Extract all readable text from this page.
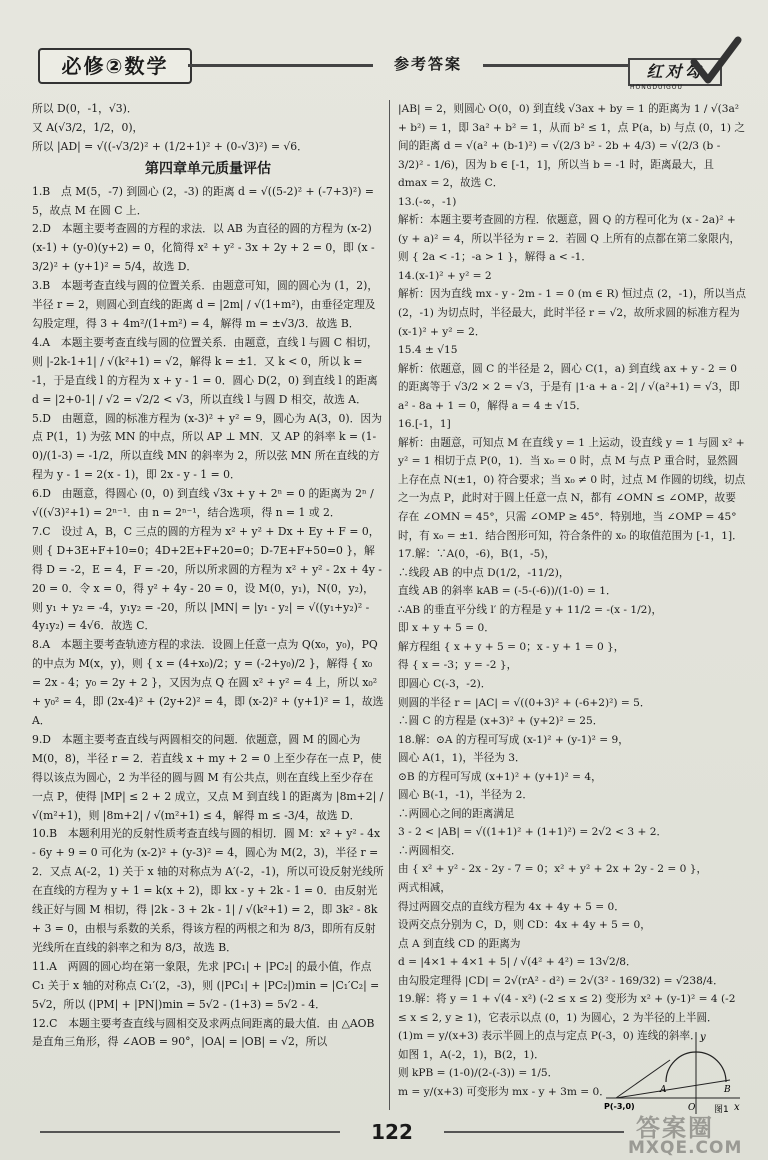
必修②数学	参考答案	红对勾
HONGDUIGOU

所以 D(0，-1，√3)．

又 A(√3/2，1/2，0)，

所以 |AD| = √((-√3/2)² + (1/2+1)² + (0-√3)²) = √6．

第四章单元质量评估

1.B　点 M(5，-7) 到圆心 (2，-3) 的距离 d = √((5-2)² + (-7+3)²) = 5，故点 M 在圆 C 上．

2.D　本题主要考查圆的方程的求法．以 AB 为直径的圆的方程为 (x-2)(x-1) + (y-0)(y+2) = 0，化简得 x² + y² - 3x + 2y + 2 = 0，即 (x - 3/2)² + (y+1)² = 5/4，故选 D．

3.B　本题考查直线与圆的位置关系．由题意可知，圆的圆心为 (1，2)，半径 r = 2，则圆心到直线的距离 d = |2m| / √(1+m²)，由垂径定理及勾股定理，得 3 + 4m²/(1+m²) = 4，解得 m = ±√3/3．故选 B．

4.A　本题主要考查直线与圆的位置关系．由题意，直线 l 与圆 C 相切，则 |-2k-1+1| / √(k²+1) = √2，解得 k = ±1．又 k < 0，所以 k = -1，于是直线 l 的方程为 x + y - 1 = 0．圆心 D(2，0) 到直线 l 的距离 d = |2+0-1| / √2 = √2/2 < √3，所以直线 l 与圆 D 相交，故选 A．

5.D　由题意，圆的标准方程为 (x-3)² + y² = 9，圆心为 A(3，0)．因为点 P(1，1) 为弦 MN 的中点，所以 AP ⊥ MN．又 AP 的斜率 k = (1-0)/(1-3) = -1/2，所以直线 MN 的斜率为 2，所以弦 MN 所在直线的方程为 y - 1 = 2(x - 1)，即 2x - y - 1 = 0．

6.D　由题意，得圆心 (0，0) 到直线 √3x + y + 2ⁿ = 0 的距离为 2ⁿ / √((√3)²+1) = 2ⁿ⁻¹．由 n = 2ⁿ⁻¹，结合选项，得 n = 1 或 2．

7.C　设过 A，B，C 三点的圆的方程为 x² + y² + Dx + Ey + F = 0，则 { D+3E+F+10=0；4D+2E+F+20=0；D-7E+F+50=0 }，解得 D = -2，E = 4，F = -20，所以所求圆的方程为 x² + y² - 2x + 4y - 20 = 0．令 x = 0，得 y² + 4y - 20 = 0，设 M(0，y₁)，N(0，y₂)，则 y₁ + y₂ = -4，y₁y₂ = -20，所以 |MN| = |y₁ - y₂| = √((y₁+y₂)² - 4y₁y₂) = 4√6．故选 C．

8.A　本题主要考查轨迹方程的求法．设圆上任意一点为 Q(x₀，y₀)，PQ 的中点为 M(x，y)，则 { x = (4+x₀)/2；y = (-2+y₀)/2 }，解得 { x₀ = 2x - 4；y₀ = 2y + 2 }，又因为点 Q 在圆 x² + y² = 4 上，所以 x₀² + y₀² = 4，即 (2x-4)² + (2y+2)² = 4，即 (x-2)² + (y+1)² = 1，故选 A．

9.D　本题主要考查直线与两圆相交的问题．依题意，圆 M 的圆心为 M(0，8)，半径 r = 2．若直线 x + my + 2 = 0 上至少存在一点 P，使得以该点为圆心，2 为半径的圆与圆 M 有公共点，则在直线上至少存在一点 P，使得 |MP| ≤ 2 + 2 成立，又点 M 到直线 l 的距离为 |8m+2| / √(m²+1)，则 |8m+2| / √(m²+1) ≤ 4，解得 m ≤ -3/4，故选 D．

10.B　本题利用光的反射性质考查直线与圆的相切．圆 M：x² + y² - 4x - 6y + 9 = 0 可化为 (x-2)² + (y-3)² = 4，圆心为 M(2，3)，半径 r = 2．又点 A(-2，1) 关于 x 轴的对称点为 A′(-2，-1)，所以可设反射光线所在直线的方程为 y + 1 = k(x + 2)，即 kx - y + 2k - 1 = 0．由反射光线正好与圆 M 相切，得 |2k - 3 + 2k - 1| / √(k²+1) = 2，即 3k² - 8k + 3 = 0，由根与系数的关系，得该方程的两根之和为 8/3，即所有反射光线所在直线的斜率之和为 8/3，故选 B．

11.A　两圆的圆心均在第一象限，先求 |PC₁| + |PC₂| 的最小值，作点 C₁ 关于 x 轴的对称点 C₁′(2，-3)，则 (|PC₁| + |PC₂|)min = |C₁′C₂| = 5√2，所以 (|PM| + |PN|)min = 5√2 - (1+3) = 5√2 - 4．

12.C　本题主要考查直线与圆相交及求两点间距离的最大值．由 △AOB 是直角三角形，得 ∠AOB = 90°，|OA| = |OB| = √2，所以

|AB| = 2，则圆心 O(0，0) 到直线 √3ax + by = 1 的距离为 1 / √(3a² + b²) = 1，即 3a² + b² = 1，从而 b² ≤ 1，点 P(a，b) 与点 (0，1) 之间的距离 d = √(a² + (b-1)²) = √(2/3 b² - 2b + 4/3) = √(2/3 (b - 3/2)² - 1/6)，因为 b ∈ [-1，1]，所以当 b = -1 时，距离最大，且 dmax = 2，故选 C．

13.(-∞，-1)

解析：本题主要考查圆的方程．依题意，圆 Q 的方程可化为 (x - 2a)² + (y + a)² = 4，所以半径为 r = 2．若圆 Q 上所有的点都在第二象限内，则 { 2a < -1；-a > 1 }，解得 a < -1．

14.(x-1)² + y² = 2

解析：因为直线 mx - y - 2m - 1 = 0 (m ∈ R) 恒过点 (2，-1)，所以当点 (2，-1) 为切点时，半径最大，此时半径 r = √2，故所求圆的标准方程为 (x-1)² + y² = 2．

15.4 ± √15

解析：依题意，圆 C 的半径是 2，圆心 C(1，a) 到直线 ax + y - 2 = 0 的距离等于 √3/2 × 2 = √3，于是有 |1·a + a - 2| / √(a²+1) = √3，即 a² - 8a + 1 = 0，解得 a = 4 ± √15．

16.[-1，1]

解析：由题意，可知点 M 在直线 y = 1 上运动，设直线 y = 1 与圆 x² + y² = 1 相切于点 P(0，1)．当 x₀ = 0 时，点 M 与点 P 重合时，显然圆上存在点 N(±1，0) 符合要求；当 x₀ ≠ 0 时，过点 M 作圆的切线，切点之一为点 P，此时对于圆上任意一点 N，都有 ∠OMN ≤ ∠OMP，故要存在 ∠OMN = 45°，只需 ∠OMP ≥ 45°．特别地，当 ∠OMP = 45° 时，有 x₀ = ±1．结合图形可知，符合条件的 x₀ 的取值范围为 [-1，1]．

17.解：∵A(0，-6)，B(1，-5)，

∴线段 AB 的中点 D(1/2，-11/2)，

直线 AB 的斜率 kAB = (-5-(-6))/(1-0) = 1．

∴AB 的垂直平分线 l′ 的方程是 y + 11/2 = -(x - 1/2)，

即 x + y + 5 = 0．

解方程组 { x + y + 5 = 0；x - y + 1 = 0 }，

得 { x = -3；y = -2 }，

即圆心 C(-3，-2)．

则圆的半径 r = |AC| = √((0+3)² + (-6+2)²) = 5．

∴圆 C 的方程是 (x+3)² + (y+2)² = 25．

18.解：⊙A 的方程可写成 (x-1)² + (y-1)² = 9，

圆心 A(1，1)，半径为 3．

⊙B 的方程可写成 (x+1)² + (y+1)² = 4，

圆心 B(-1，-1)，半径为 2．

∴两圆心之间的距离满足

3 - 2 < |AB| = √((1+1)² + (1+1)²) = 2√2 < 3 + 2．

∴两圆相交．

由 { x² + y² - 2x - 2y - 7 = 0；x² + y² + 2x + 2y - 2 = 0 }，

两式相减，

得过两圆交点的直线方程为 4x + 4y + 5 = 0．

设两交点分别为 C，D，则 CD：4x + 4y + 5 = 0，

点 A 到直线 CD 的距离为

d = |4×1 + 4×1 + 5| / √(4² + 4²) = 13√2/8．

由勾股定理得 |CD| = 2√(rA² - d²) = 2√(3² - 169/32) = √238/4．

19.解：将 y = 1 + √(4 - x²) (-2 ≤ x ≤ 2) 变形为 x² + (y-1)² = 4 (-2 ≤ x ≤ 2, y ≥ 1)，它表示以点 (0，1) 为圆心，2 为半径的上半圆．

(1)m = y/(x+3) 表示半圆上的点与定点 P(-3，0) 连线的斜率．

如图 1，A(-2，1)，B(2，1)．

则 kPB = (1-0)/(2-(-3)) = 1/5．

m = y/(x+3) 可变形为 mx - y + 3m = 0．

y
x
P(-3,0)	O
A	B
图1
122	答案圈
MXQE.COM
